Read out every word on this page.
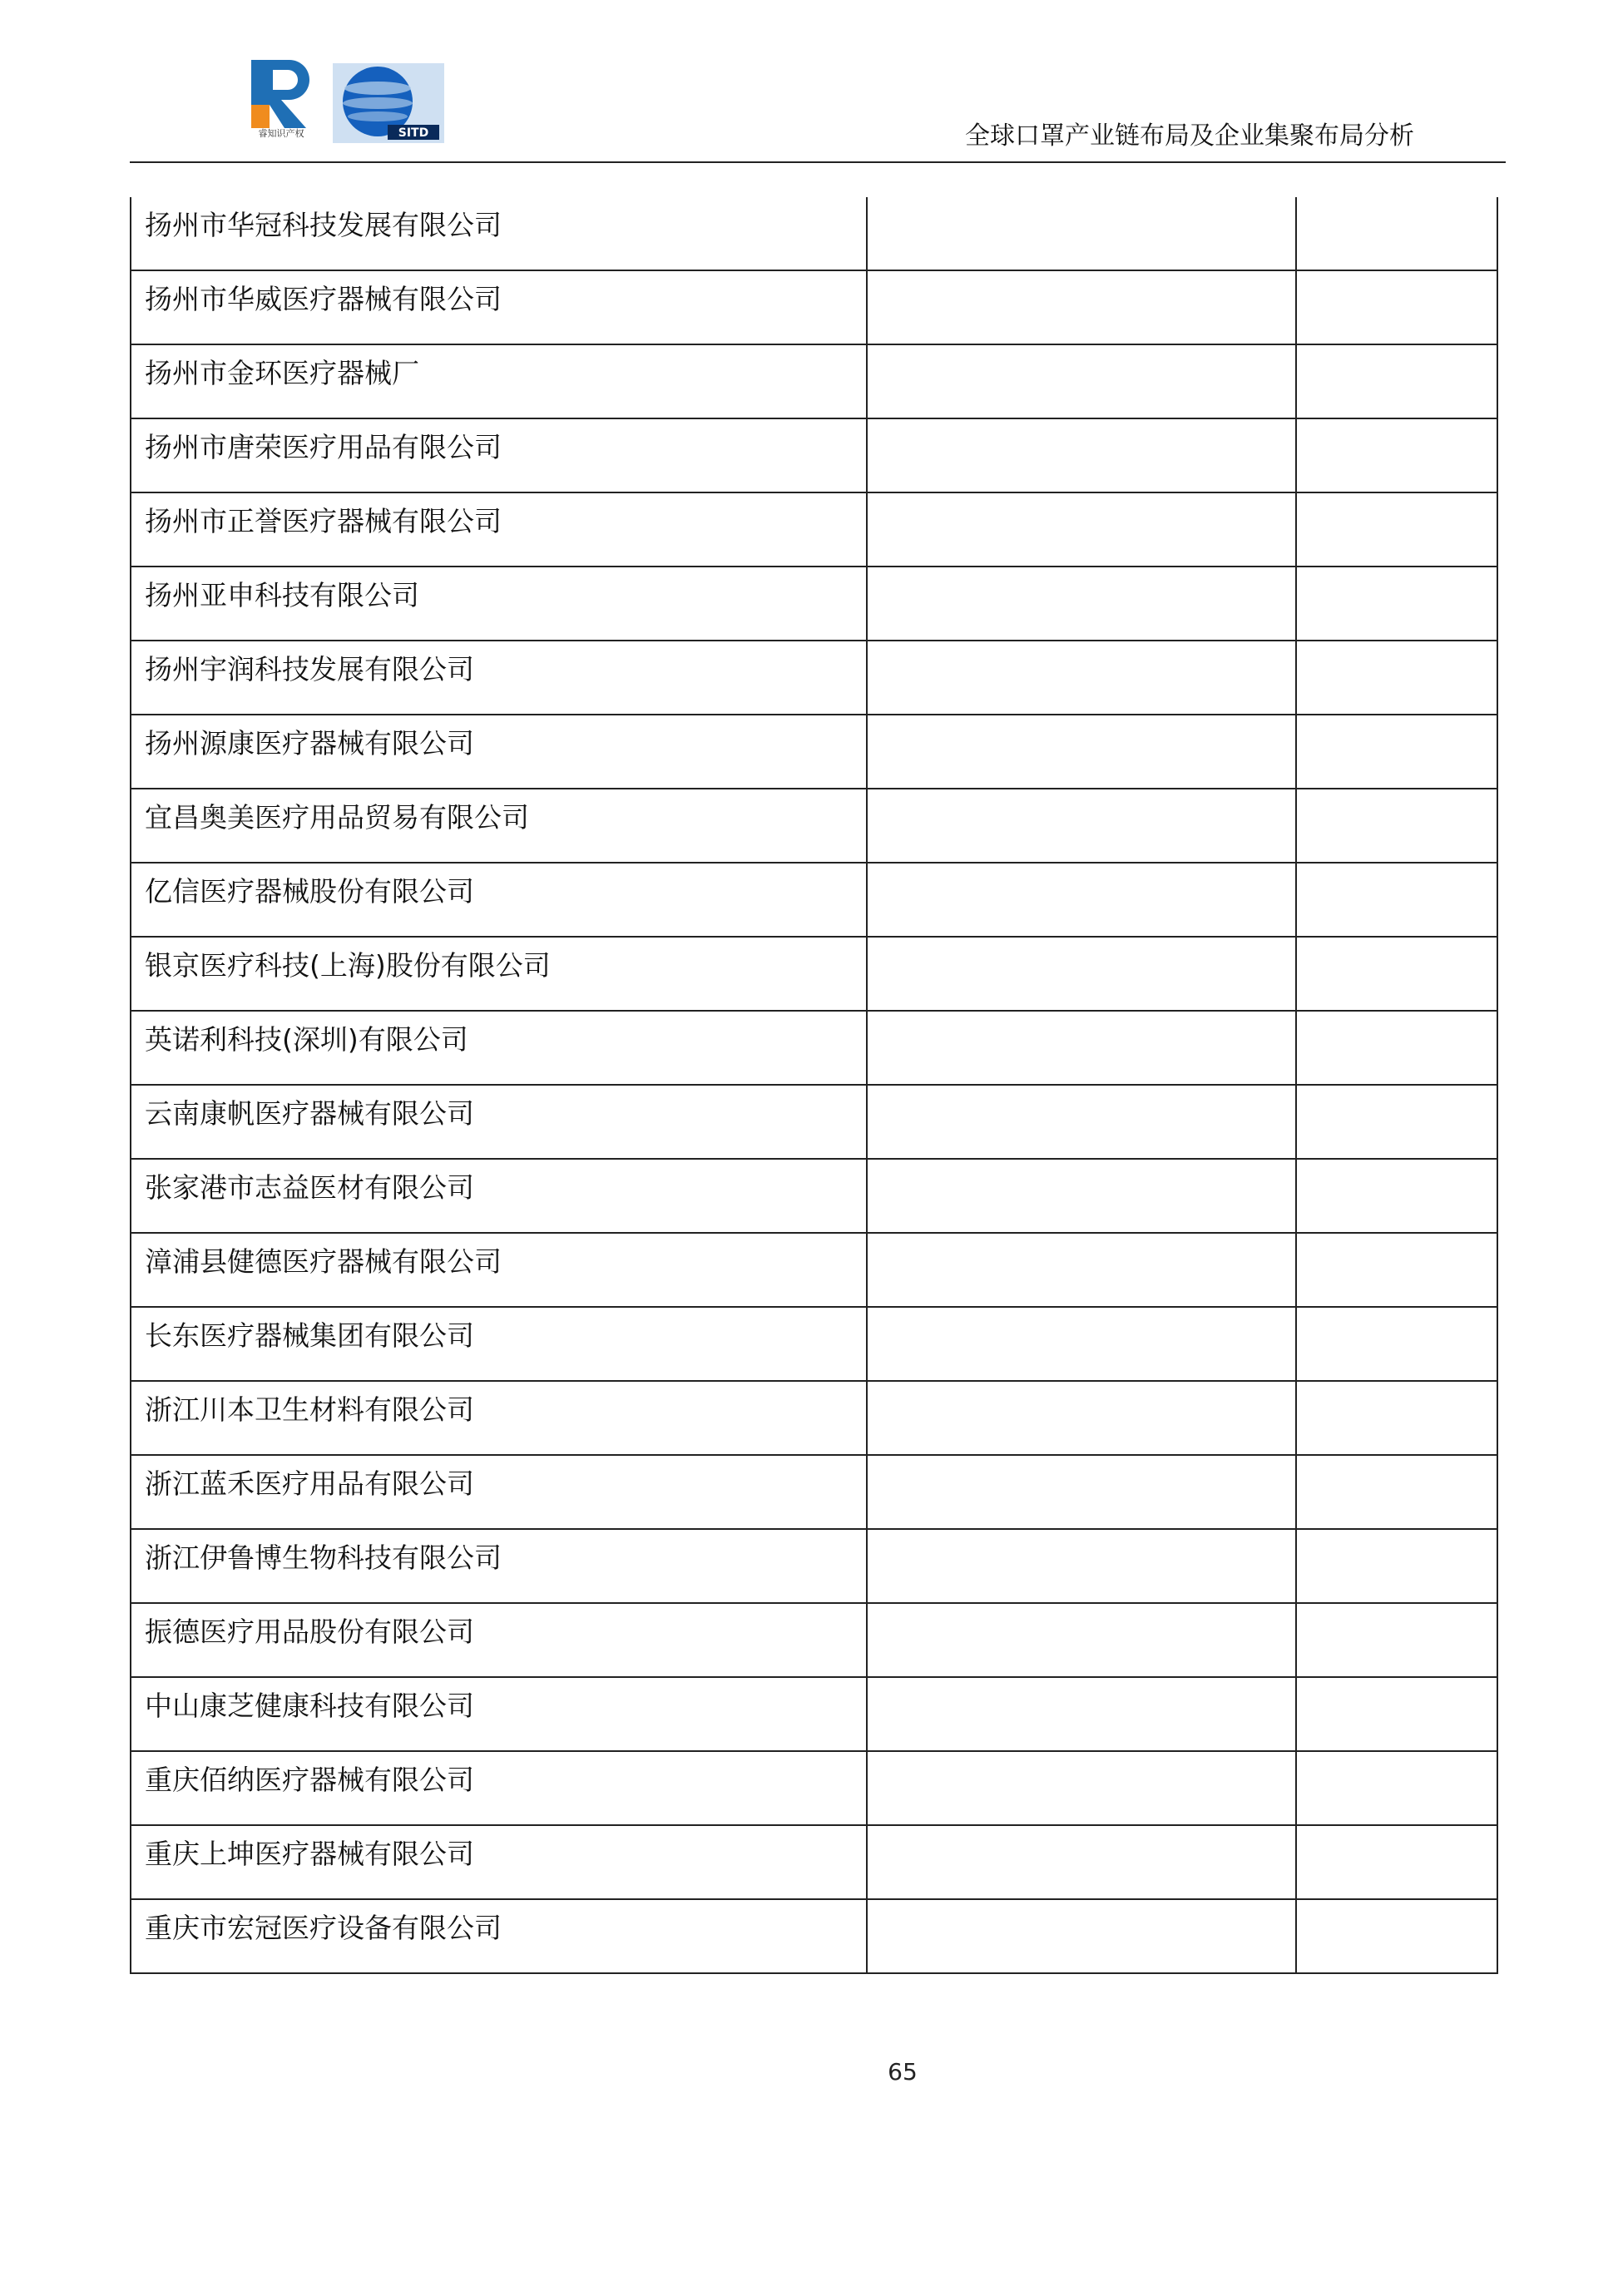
睿知识产权	SITD	全球口罩产业链布局及企业集聚布局分析
扬州市华冠科技发展有限公司		

扬州市华威医疗器械有限公司		

扬州市金环医疗器械厂		

扬州市唐荣医疗用品有限公司		

扬州市正誉医疗器械有限公司		

扬州亚申科技有限公司		

扬州宇润科技发展有限公司		

扬州源康医疗器械有限公司		

宜昌奥美医疗用品贸易有限公司		

亿信医疗器械股份有限公司		

银京医疗科技(上海)股份有限公司		

英诺利科技(深圳)有限公司		

云南康帆医疗器械有限公司		

张家港市志益医材有限公司		

漳浦县健德医疗器械有限公司		

长东医疗器械集团有限公司		

浙江川本卫生材料有限公司		

浙江蓝禾医疗用品有限公司		

浙江伊鲁博生物科技有限公司		

振德医疗用品股份有限公司		

中山康芝健康科技有限公司		

重庆佰纳医疗器械有限公司		

重庆上坤医疗器械有限公司		

重庆市宏冠医疗设备有限公司		

65
